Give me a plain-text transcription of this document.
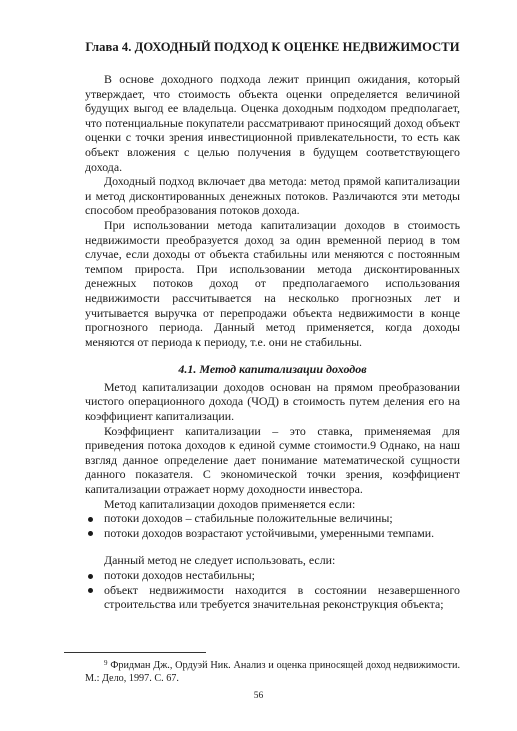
Глава 4. ДОХОДНЫЙ ПОДХОД К ОЦЕНКЕ НЕДВИЖИМОСТИ

В основе доходного подхода лежит принцип ожидания, который утверждает, что стоимость объекта оценки определяется величиной будущих выгод ее владельца. Оценка доходным подходом предполагает, что потенциальные покупатели рассматривают приносящий доход объект оценки с точки зрения инвестиционной привлекательности, то есть как объект вложения с целью получения в будущем соответствующего дохода.

Доходный подход включает два метода: метод прямой капитализации и метод дисконтированных денежных потоков. Различаются эти методы способом преобразования потоков дохода.

При использовании метода капитализации доходов в стоимость недвижимости преобразуется доход за один временной период в том случае, если доходы от объекта стабильны или меняются с постоянным темпом прироста. При использовании метода дисконтированных денежных потоков доход от предполагаемого использования недвижимости рассчитывается на несколько прогнозных лет и учитывается выручка от перепродажи объекта недвижимости в конце прогнозного периода. Данный метод применяется, когда доходы меняются от периода к периоду, т.е. они не стабильны.

4.1. Метод капитализации доходов

Метод капитализации доходов основан на прямом преобразовании чистого операционного дохода (ЧОД) в стоимость путем деления его на коэффициент капитализации.

Коэффициент капитализации – это ставка, применяемая для приведения потока доходов к единой сумме стоимости.9 Однако, на наш взгляд данное определение дает понимание математической сущности данного показателя. С экономической точки зрения, коэффициент капитализации отражает норму доходности инвестора.

Метод капитализации доходов применяется если:

потоки доходов – стабильные положительные величины;
потоки доходов возрастают устойчивыми, умеренными темпами.

Данный метод не следует использовать, если:

потоки доходов нестабильны;
объект недвижимости находится в состоянии незавершенного строительства или требуется значительная реконструкция объекта;
$^9$ Фридман Дж., Ордуэй Ник. Анализ и оценка приносящей доход недвижимости. М.: Дело, 1997. С. 67.
56
